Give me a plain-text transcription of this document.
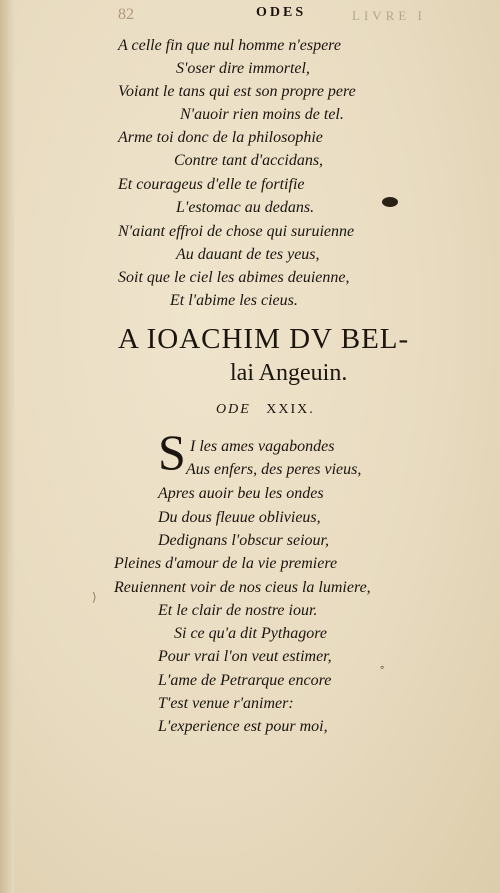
82	ODES	LIVRE I
A celle fin que nul homme n'espere
S'oser dire immortel,
Voiant le tans qui est son propre pere
N'auoir rien moins de tel.
Arme toi donc de la philosophie
Contre tant d'accidans,
Et courageus d'elle te fortifie
L'estomac au dedans.
N'aiant effroi de chose qui suruienne
Au dauant de tes yeus,
Soit que le ciel les abimes deuienne,
Et l'abime les cieus.
A IOACHIM DV BEL-
lai Angeuin.
ODE XXIX.
S I les ames vagabondes
Aus enfers, des peres vieus,
Apres auoir beu les ondes
Du dous fleuue oblivieus,
Dedignans l'obscur seiour,
Pleines d'amour de la vie premiere
Reuiennent voir de nos cieus la lumiere,
Et le clair de nostre iour.
Si ce qu'a dit Pythagore
Pour vrai l'on veut estimer,
L'ame de Petrarque encore
T'est venue r'animer:
L'experience est pour moi,
◦
⟩
